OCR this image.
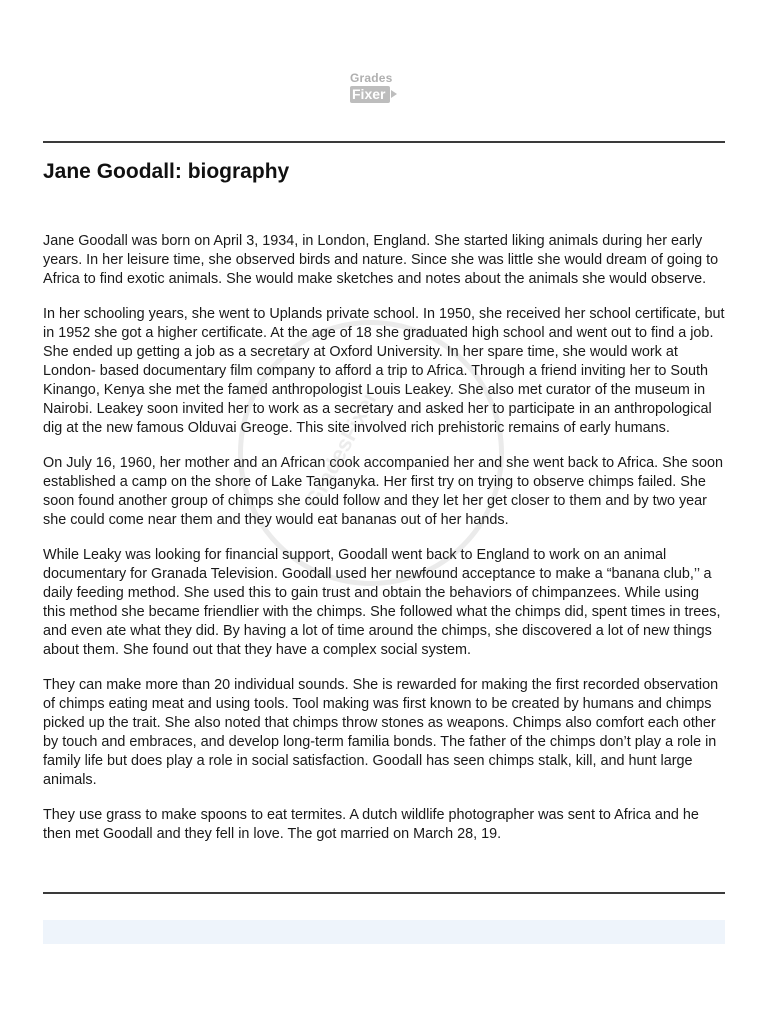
Grades
Fixer
Jane Goodall: biography
GradesFixer

Jane Goodall was born on April 3, 1934, in London, England. She started liking animals during her early years. In her leisure time, she observed birds and nature. Since she was little she would dream of going to Africa to find exotic animals. She would make sketches and notes about the animals she would observe.

In her schooling years, she went to Uplands private school. In 1950, she received her school certificate, but in 1952 she got a higher certificate. At the age of 18 she graduated high school and went out to find a job. She ended up getting a job as a secretary at Oxford University. In her spare time, she would work at London- based documentary film company to afford a trip to Africa. Through a friend inviting her to South Kinango, Kenya she met the famed anthropologist Louis Leakey. She also met curator of the museum in Nairobi. Leakey soon invited her to work as a secretary and asked her to participate in an anthropological dig at the new famous Olduvai Greoge. This site involved rich prehistoric remains of early humans.

On July 16, 1960, her mother and an African cook accompanied her and she went back to Africa. She soon established a camp on the shore of Lake Tanganyka. Her first try on trying to observe chimps failed. She soon found another group of chimps she could follow and they let her get closer to them and by two year she could come near them and they would eat bananas out of her hands.

While Leaky was looking for financial support, Goodall went back to England to work on an animal documentary for Granada Television. Goodall used her newfound acceptance to make a “banana club,’’ a daily feeding method. She used this to gain trust and obtain the behaviors of chimpanzees. While using this method she became friendlier with the chimps. She followed what the chimps did, spent times in trees, and even ate what they did. By having a lot of time around the chimps, she discovered a lot of new things about them. She found out that they have a complex social system.

They can make more than 20 individual sounds. She is rewarded for making the first recorded observation of chimps eating meat and using tools. Tool making was first known to be created by humans and chimps picked up the trait. She also noted that chimps throw stones as weapons. Chimps also comfort each other by touch and embraces, and develop long-term familia bonds. The father of the chimps don’t play a role in family life but does play a role in social satisfaction. Goodall has seen chimps stalk, kill, and hunt large animals.

They use grass to make spoons to eat termites. A dutch wildlife photographer was sent to Africa and he then met Goodall and they fell in love. The got married on March 28, 19.
